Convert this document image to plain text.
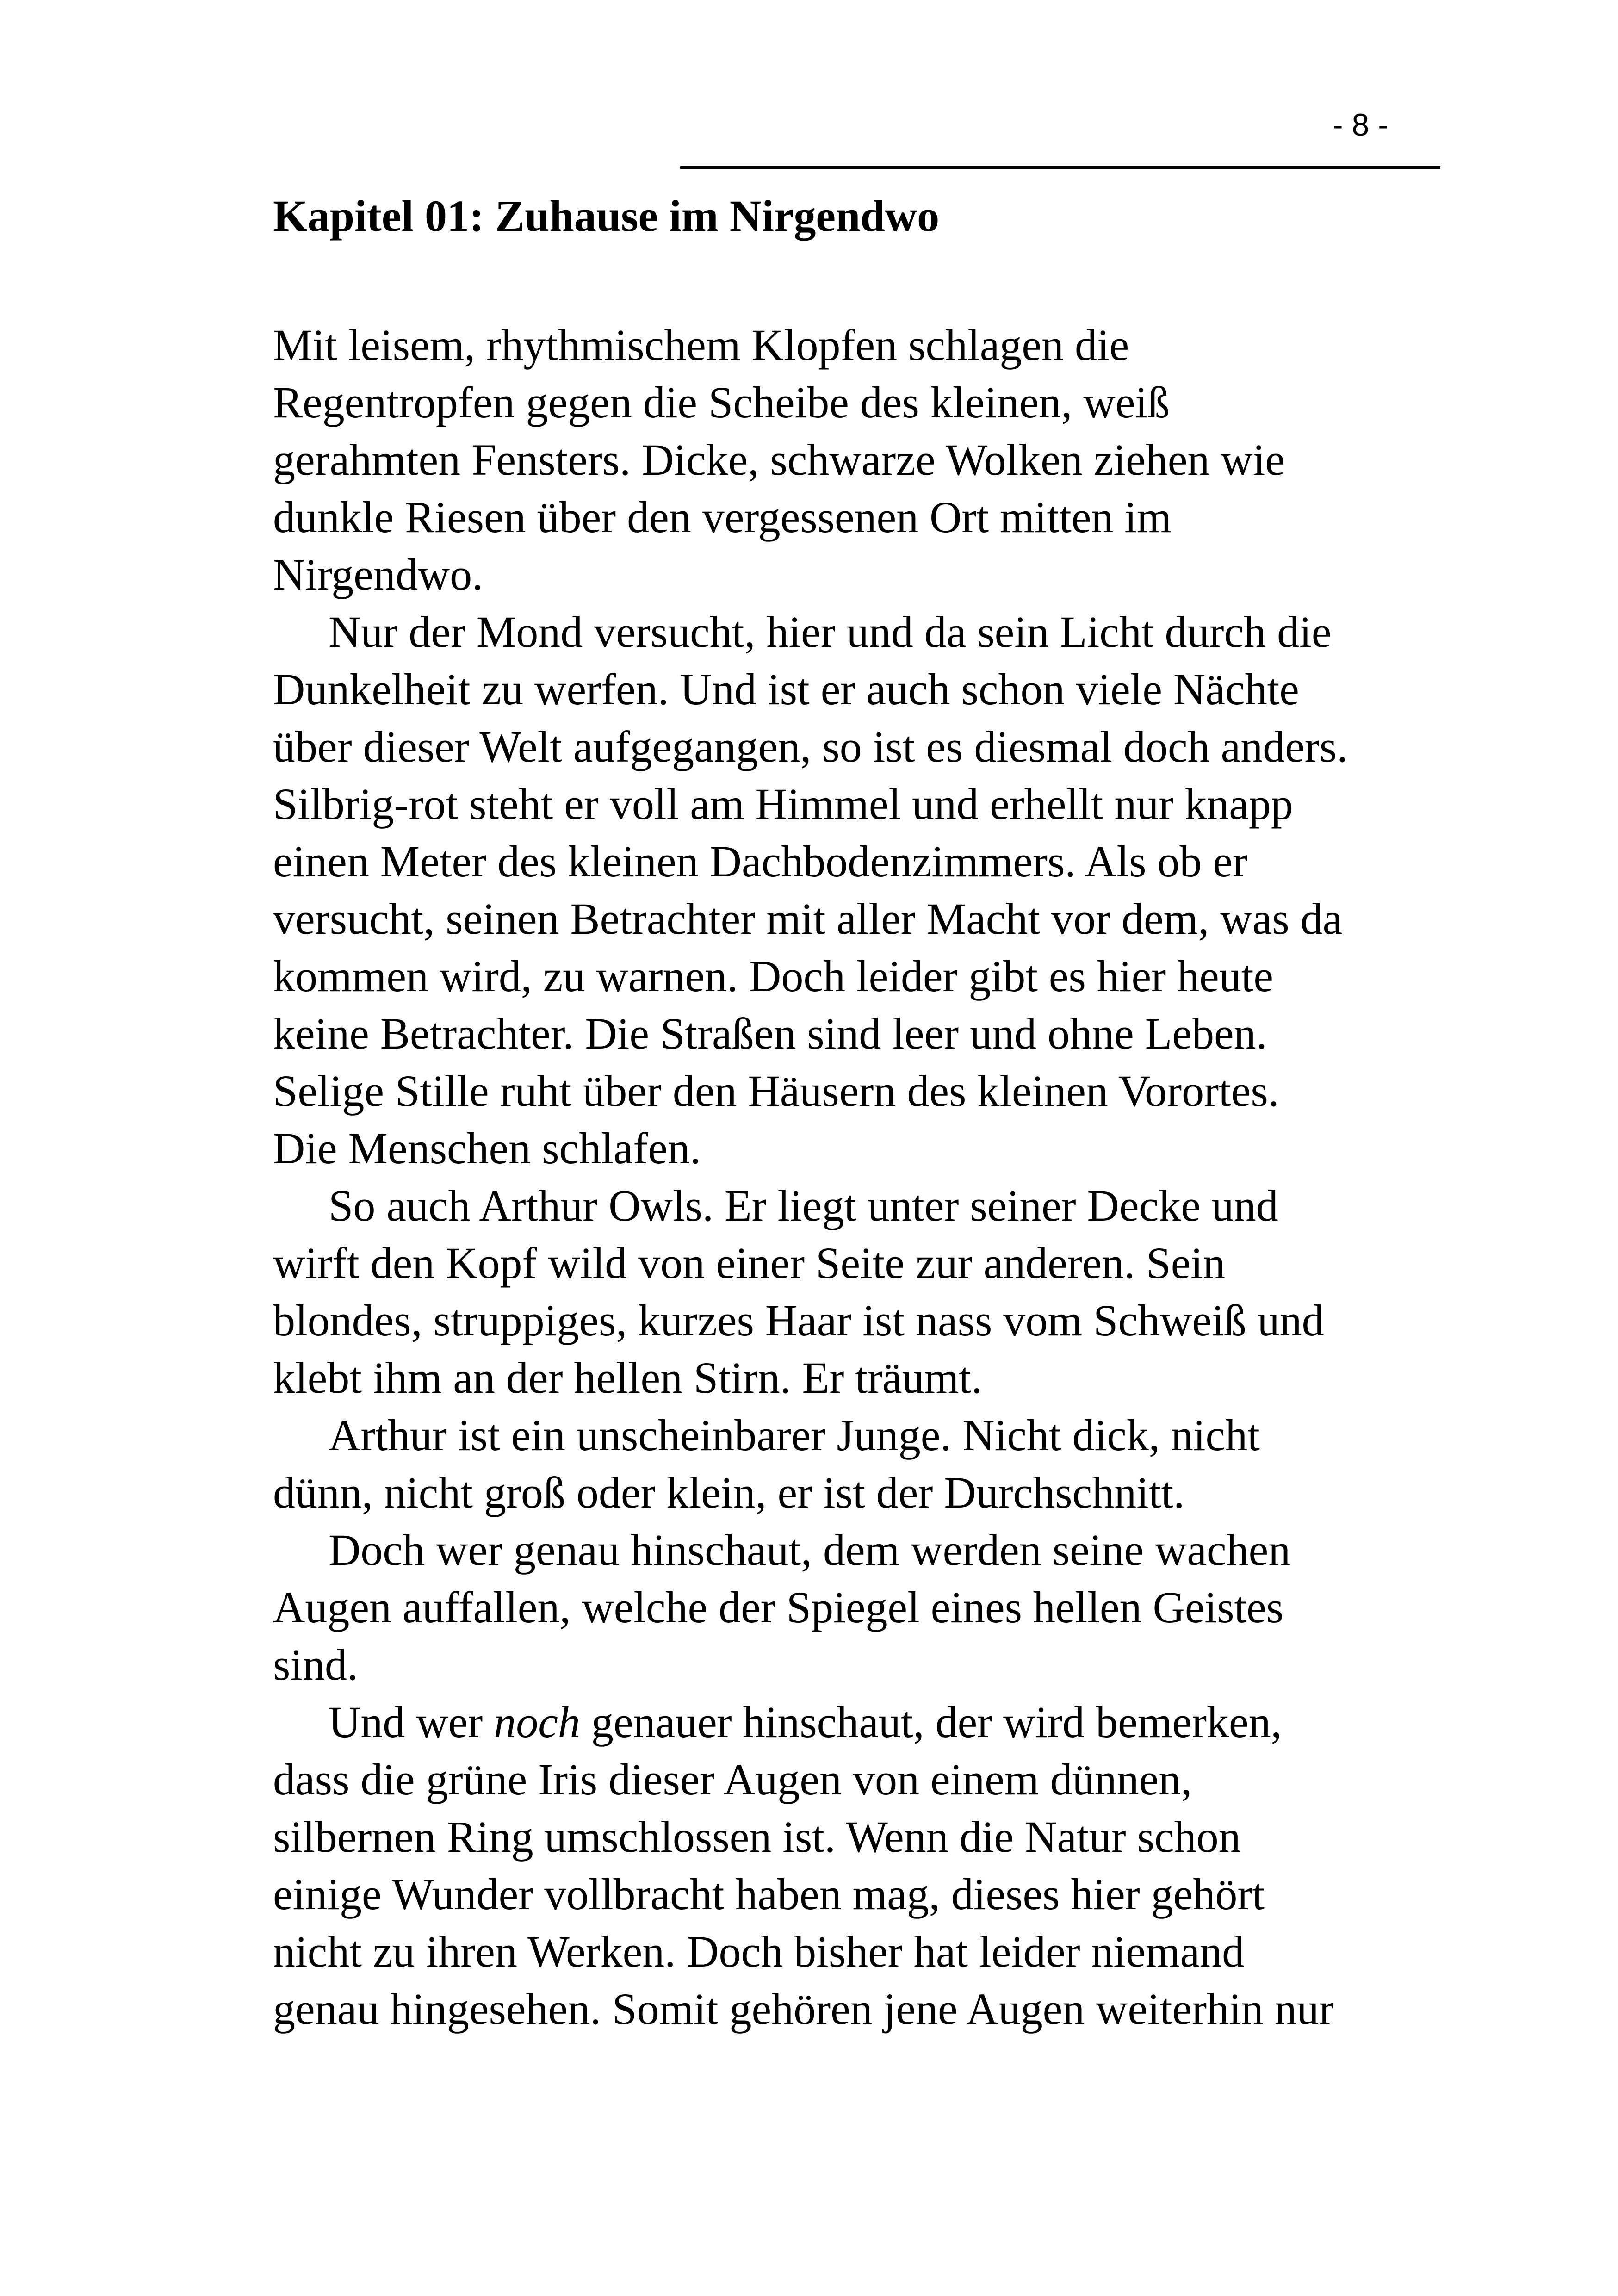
- 8 -
Kapitel 01: Zuhause im Nirgendwo
Mit leisem, rhythmischem Klopfen schlagen die
Regentropfen gegen die Scheibe des kleinen, weiß
gerahmten Fensters. Dicke, schwarze Wolken ziehen wie
dunkle Riesen über den vergessenen Ort mitten im
Nirgendwo.
Nur der Mond versucht, hier und da sein Licht durch die
Dunkelheit zu werfen. Und ist er auch schon viele Nächte
über dieser Welt aufgegangen, so ist es diesmal doch anders.
Silbrig-rot steht er voll am Himmel und erhellt nur knapp
einen Meter des kleinen Dachbodenzimmers. Als ob er
versucht, seinen Betrachter mit aller Macht vor dem, was da
kommen wird, zu warnen. Doch leider gibt es hier heute
keine Betrachter. Die Straßen sind leer und ohne Leben.
Selige Stille ruht über den Häusern des kleinen Vorortes.
Die Menschen schlafen.
So auch Arthur Owls. Er liegt unter seiner Decke und
wirft den Kopf wild von einer Seite zur anderen. Sein
blondes, struppiges, kurzes Haar ist nass vom Schweiß und
klebt ihm an der hellen Stirn. Er träumt.
Arthur ist ein unscheinbarer Junge. Nicht dick, nicht
dünn, nicht groß oder klein, er ist der Durchschnitt.
Doch wer genau hinschaut, dem werden seine wachen
Augen auffallen, welche der Spiegel eines hellen Geistes
sind.
Und wer noch genauer hinschaut, der wird bemerken,
dass die grüne Iris dieser Augen von einem dünnen,
silbernen Ring umschlossen ist. Wenn die Natur schon
einige Wunder vollbracht haben mag, dieses hier gehört
nicht zu ihren Werken. Doch bisher hat leider niemand
genau hingesehen. Somit gehören jene Augen weiterhin nur
